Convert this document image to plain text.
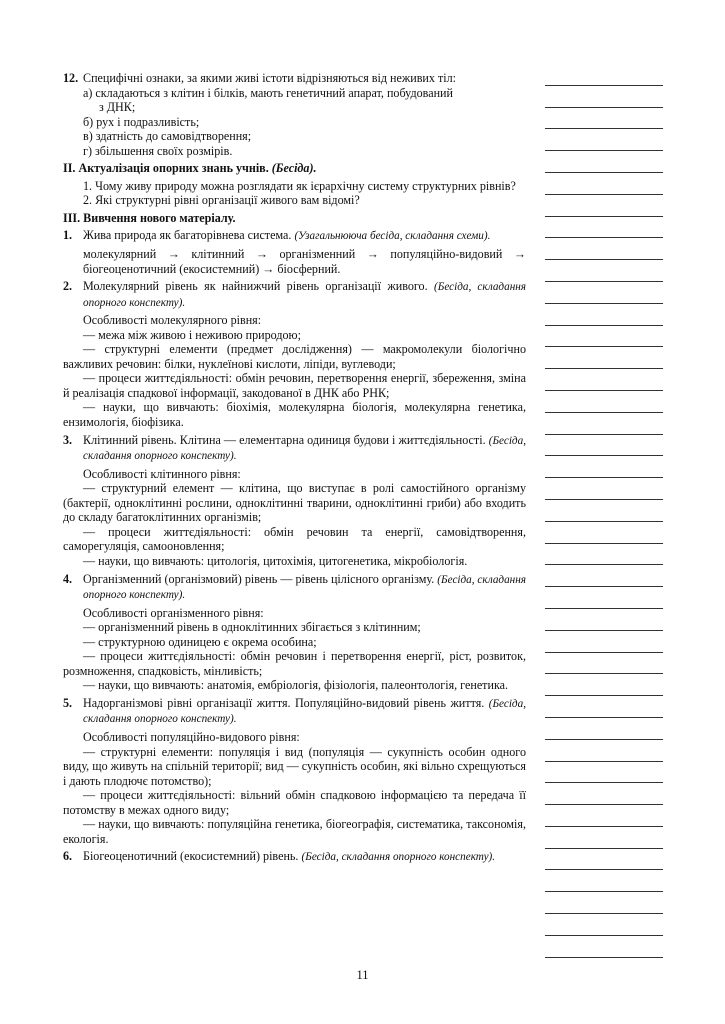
12. Специфічні ознаки, за якими живі істоти відрізняються від неживих тіл:

а) складаються з клітин і білків, мають генетичний апарат, побудований

з ДНК;

б) рух і подразливість;

в) здатність до самовідтворення;

г) збільшення своїх розмірів.

II. Актуалізація опорних знань учнів. (Бесіда).

1. Чому живу природу можна розглядати як ієрархічну систему структурних рівнів?

2. Які структурні рівні організації живого вам відомі?

III. Вивчення нового матеріалу.

1. Жива природа як багаторівнева система. (Узагальнююча бесіда, складання схеми).

молекулярний → клітинний → організменний → популяційно-видовий → біогеоценотичний (екосистемний) → біосферний.

2. Молекулярний рівень як найнижчий рівень організації живого. (Бесіда, складання опорного конспекту).

Особливості молекулярного рівня:

— межа між живою і неживою природою;

— структурні елементи (предмет дослідження) — макромолекули біологічно важливих речовин: білки, нуклеїнові кислоти, ліпіди, вуглеводи;

— процеси життєдіяльності: обмін речовин, перетворення енергії, збереження, зміна й реалізація спадкової інформації, закодованої в ДНК або РНК;

— науки, що вивчають: біохімія, молекулярна біологія, молекулярна генетика, ензимологія, біофізика.

3. Клітинний рівень. Клітина — елементарна одиниця будови і життєдіяльності. (Бесіда, складання опорного конспекту).

Особливості клітинного рівня:

— структурний елемент — клітина, що виступає в ролі самостійного організму (бактерії, одноклітинні рослини, одноклітинні тварини, одноклітинні гриби) або входить до складу багатоклітинних організмів;

— процеси життєдіяльності: обмін речовин та енергії, самовідтворення, саморегуляція, самооновлення;

— науки, що вивчають: цитологія, цитохімія, цитогенетика, мікробіологія.

4. Організменний (організмовий) рівень — рівень цілісного організму. (Бесіда, складання опорного конспекту).

Особливості організменного рівня:

— організменний рівень в одноклітинних збігається з клітинним;

— структурною одиницею є окрема особина;

— процеси життєдіяльності: обмін речовин і перетворення енергії, ріст, розвиток, розмноження, спадковість, мінливість;

— науки, що вивчають: анатомія, ембріологія, фізіологія, палеонтологія, генетика.

5. Надорганізмові рівні організації життя. Популяційно-видовий рівень життя. (Бесіда, складання опорного конспекту).

Особливості популяційно-видового рівня:

— структурні елементи: популяція і вид (популяція — сукупність особин одного виду, що живуть на спільній території; вид — сукупність особин, які вільно схрещуються і дають плодючє потомство);

— процеси життєдіяльності: вільний обмін спадковою інформацією та передача її потомству в межах одного виду;

— науки, що вивчають: популяційна генетика, біогеографія, систематика, таксономія, екологія.

6. Біогеоценотичний (екосистемний) рівень. (Бесіда, складання опорного конспекту).

11
